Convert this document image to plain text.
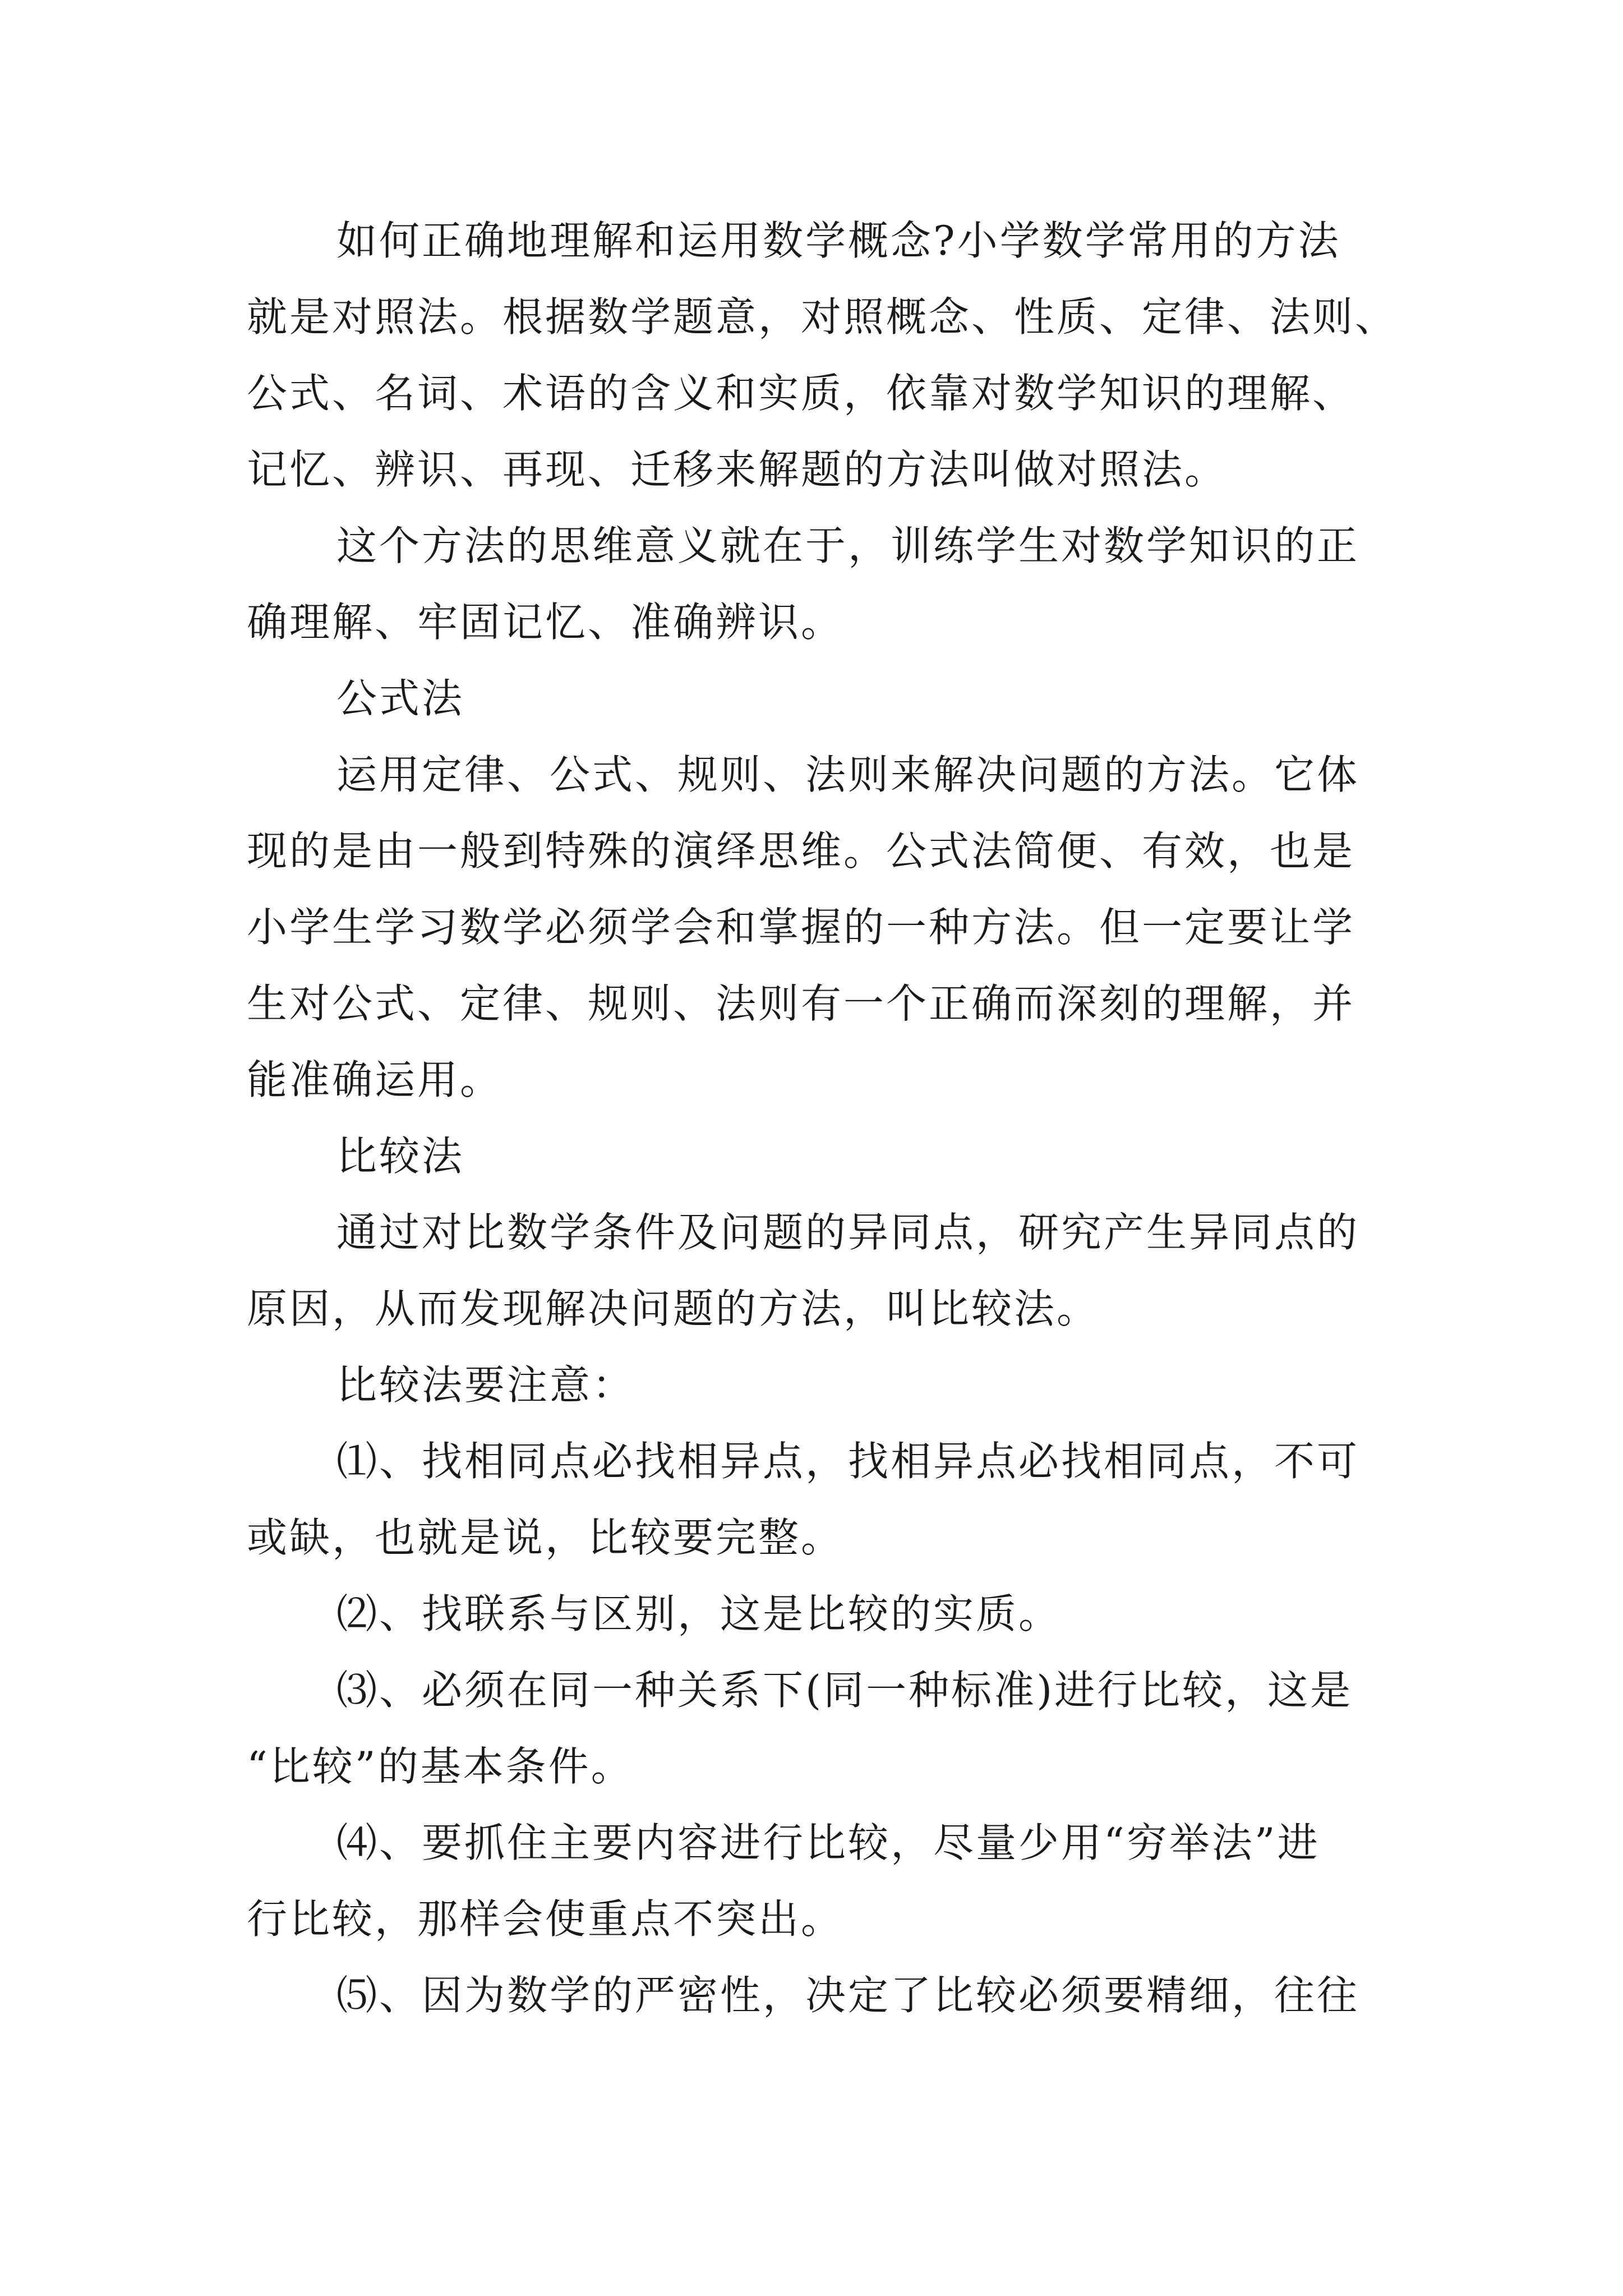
如何正确地理解和运用数学概念?小学数学常用的方法
就是对照法。根据数学题意，对照概念、性质、定律、法则、
公式、名词、术语的含义和实质，依靠对数学知识的理解、
记忆、辨识、再现、迁移来解题的方法叫做对照法。
这个方法的思维意义就在于，训练学生对数学知识的正
确理解、牢固记忆、准确辨识。
公式法
运用定律、公式、规则、法则来解决问题的方法。它体
现的是由一般到特殊的演绎思维。公式法简便、有效，也是
小学生学习数学必须学会和掌握的一种方法。但一定要让学
生对公式、定律、规则、法则有一个正确而深刻的理解，并
能准确运用。
比较法
通过对比数学条件及问题的异同点，研究产生异同点的
原因，从而发现解决问题的方法，叫比较法。
比较法要注意：
⑴、找相同点必找相异点，找相异点必找相同点，不可
或缺，也就是说，比较要完整。
⑵、找联系与区别，这是比较的实质。
⑶、必须在同一种关系下(同一种标准)进行比较，这是
“比较”的基本条件。
⑷、要抓住主要内容进行比较，尽量少用“穷举法”进
行比较，那样会使重点不突出。
⑸、因为数学的严密性，决定了比较必须要精细，往往
